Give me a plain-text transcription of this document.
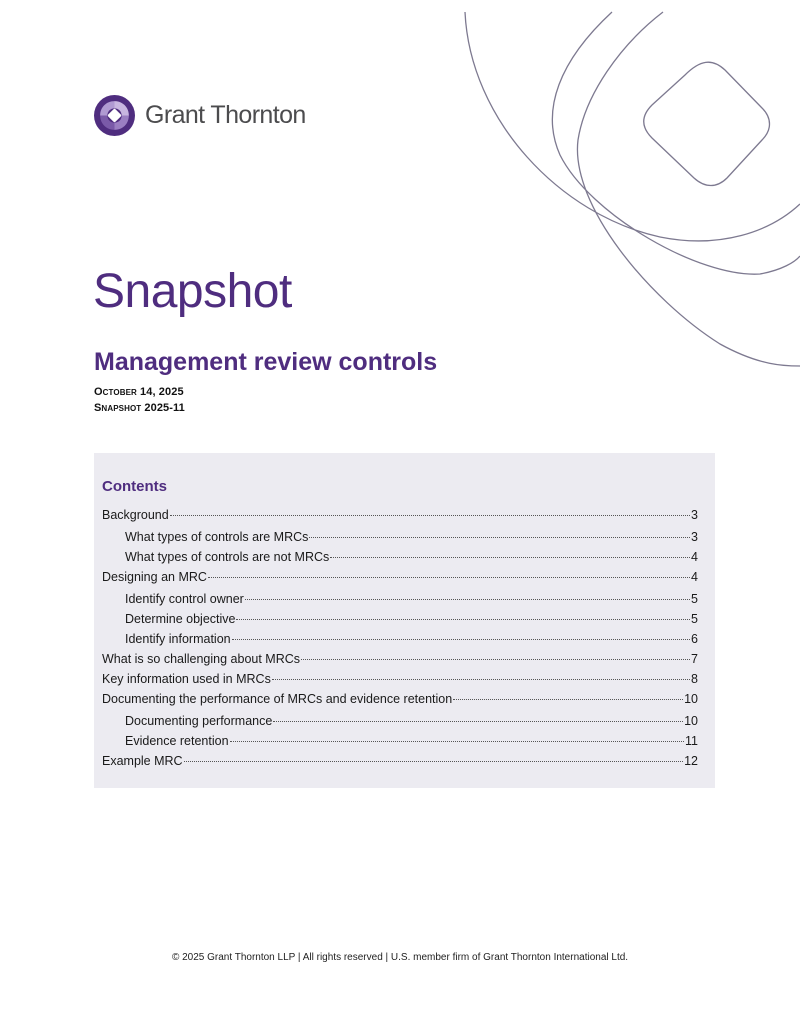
Grant Thornton
Snapshot
Management review controls
October 14, 2025
Snapshot 2025-11
Contents
Background	3
What types of controls are MRCs	3
What types of controls are not MRCs	4
Designing an MRC	4
Identify control owner	5
Determine objective	5
Identify information	6
What is so challenging about MRCs	7
Key information used in MRCs	8
Documenting the performance of MRCs and evidence retention	10
Documenting performance	10
Evidence retention	11
Example MRC	12
© 2025 Grant Thornton LLP | All rights reserved | U.S. member firm of Grant Thornton International Ltd.
